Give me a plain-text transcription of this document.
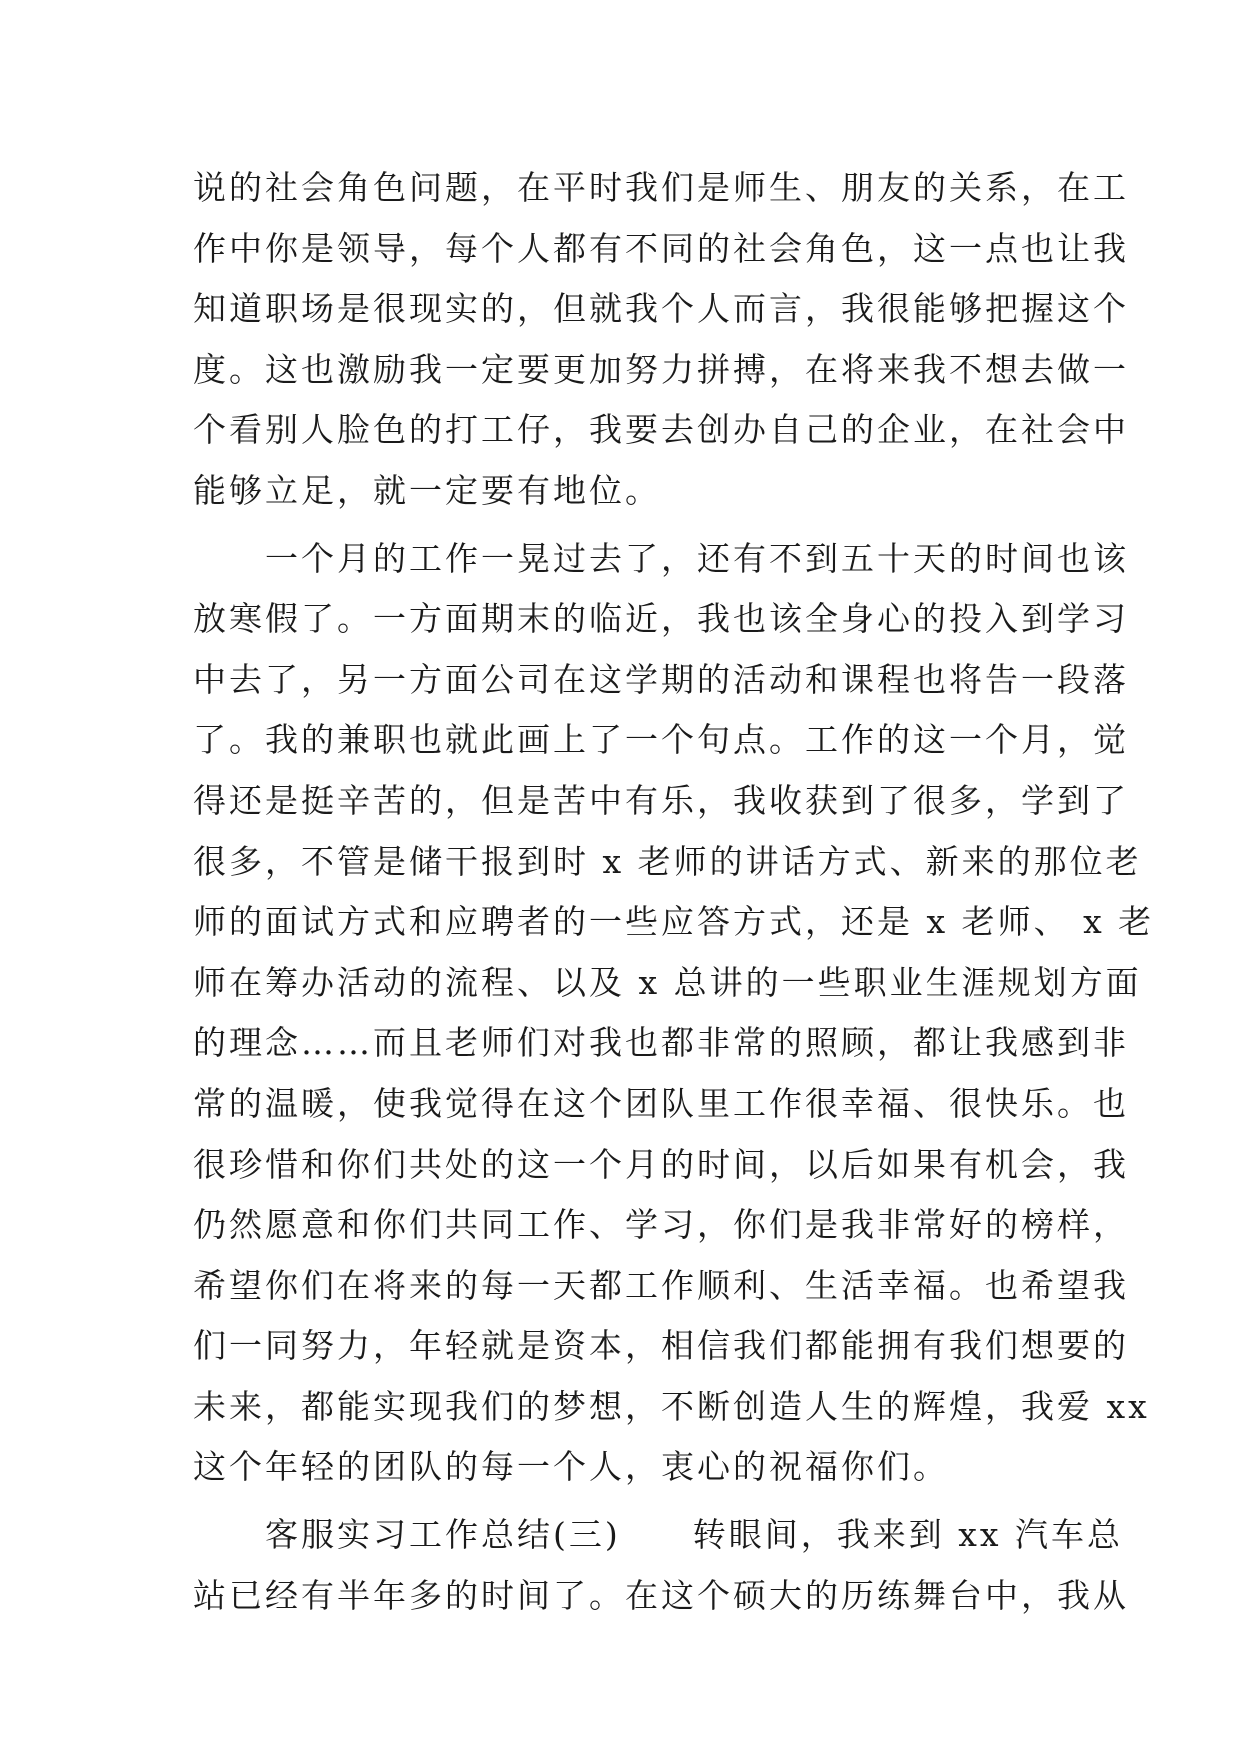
说的社会角色问题，在平时我们是师生、朋友的关系，在工
作中你是领导，每个人都有不同的社会角色，这一点也让我
知道职场是很现实的，但就我个人而言，我很能够把握这个
度。这也激励我一定要更加努力拼搏，在将来我不想去做一
个看别人脸色的打工仔，我要去创办自己的企业，在社会中
能够立足，就一定要有地位。
　　一个月的工作一晃过去了，还有不到五十天的时间也该
放寒假了。一方面期末的临近，我也该全身心的投入到学习
中去了，另一方面公司在这学期的活动和课程也将告一段落
了。我的兼职也就此画上了一个句点。工作的这一个月，觉
得还是挺辛苦的，但是苦中有乐，我收获到了很多，学到了
很多，不管是储干报到时 x 老师的讲话方式、新来的那位老
师的面试方式和应聘者的一些应答方式，还是 x 老师、 x 老
师在筹办活动的流程、以及 x 总讲的一些职业生涯规划方面
的理念……而且老师们对我也都非常的照顾，都让我感到非
常的温暖，使我觉得在这个团队里工作很幸福、很快乐。也
很珍惜和你们共处的这一个月的时间，以后如果有机会，我
仍然愿意和你们共同工作、学习，你们是我非常好的榜样，
希望你们在将来的每一天都工作顺利、生活幸福。也希望我
们一同努力，年轻就是资本，相信我们都能拥有我们想要的
未来，都能实现我们的梦想，不断创造人生的辉煌，我爱 xx
这个年轻的团队的每一个人，衷心的祝福你们。
　　客服实习工作总结(三)　　转眼间，我来到 xx 汽车总
站已经有半年多的时间了。在这个硕大的历练舞台中，我从
